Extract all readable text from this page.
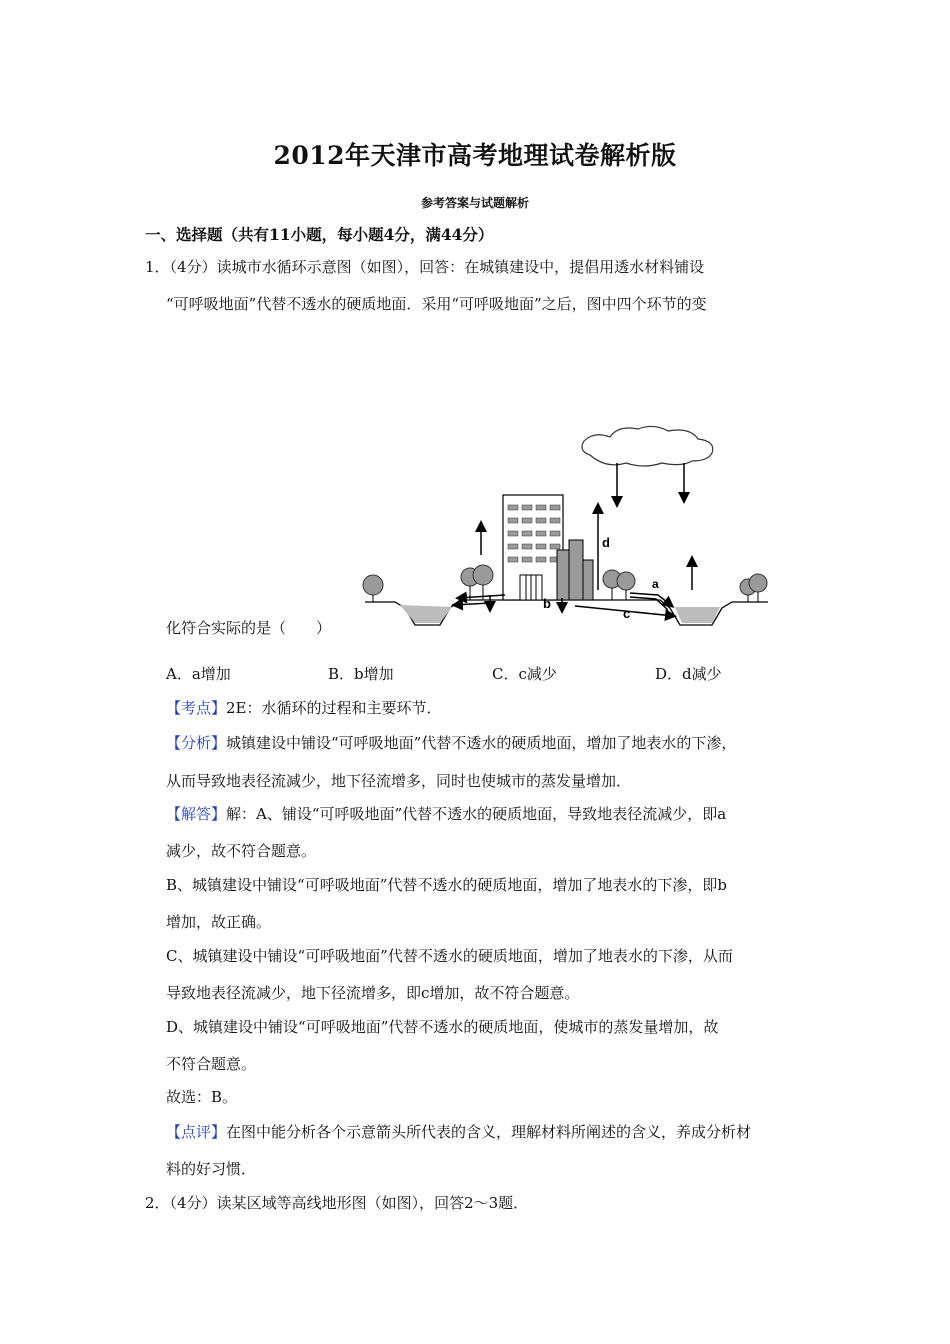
2012年天津市高考地理试卷解析版
参考答案与试题解析
一、选择题（共有11小题，每小题4分，满44分）
1．（4分）读城市水循环示意图（如图），回答：在城镇建设中，提倡用透水材料铺设
“可呼吸地面”代替不透水的硬质地面．采用“可呼吸地面”之后，图中四个环节的变
d
a
b
c
化符合实际的是（　　）
A．a增加	B．b增加	C．c减少	D．d减少
【考点】2E：水循环的过程和主要环节．
【分析】城镇建设中铺设“可呼吸地面”代替不透水的硬质地面，增加了地表水的下渗，
从而导致地表径流减少，地下径流增多，同时也使城市的蒸发量增加．
【解答】解：A、铺设“可呼吸地面”代替不透水的硬质地面，导致地表径流减少，即a
减少，故不符合题意。
B、城镇建设中铺设“可呼吸地面”代替不透水的硬质地面，增加了地表水的下渗，即b
增加，故正确。
C、城镇建设中铺设“可呼吸地面”代替不透水的硬质地面，增加了地表水的下渗，从而
导致地表径流减少，地下径流增多，即c增加，故不符合题意。
D、城镇建设中铺设“可呼吸地面”代替不透水的硬质地面，使城市的蒸发量增加，故
不符合题意。
故选：B。
【点评】在图中能分析各个示意箭头所代表的含义，理解材料所阐述的含义，养成分析材
料的好习惯．
2．（4分）读某区域等高线地形图（如图），回答2～3题．
